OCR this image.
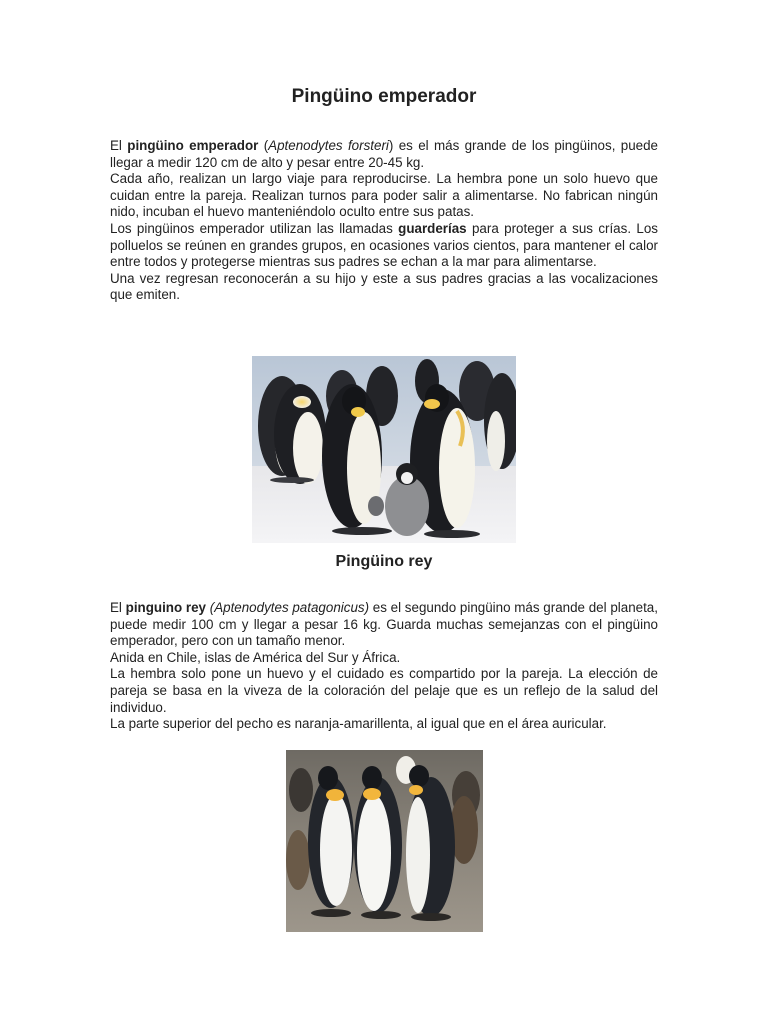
Pingüino emperador

El pingüino emperador (Aptenodytes forsteri) es el más grande de los pingüinos, puede llegar a medir 120 cm de alto y pesar entre 20-45 kg.

Cada año, realizan un largo viaje para reproducirse. La hembra pone un solo huevo que cuidan entre la pareja. Realizan turnos para poder salir a alimentarse. No fabrican ningún nido, incuban el huevo manteniéndolo oculto entre sus patas.

Los pingüinos emperador utilizan las llamadas guarderías para proteger a sus crías. Los polluelos se reúnen en grandes grupos, en ocasiones varios cientos, para mantener el calor entre todos y protegerse mientras sus padres se echan a la mar para alimentarse.

Una vez regresan reconocerán a su hijo y este a sus padres gracias a las vocalizaciones que emiten.

Pingüino rey

El pinguino rey (Aptenodytes patagonicus) es el segundo pingüino más grande del planeta, puede medir 100 cm y llegar a pesar 16 kg. Guarda muchas semejanzas con el pingüino emperador, pero con un tamaño menor.

Anida en Chile, islas de América del Sur y África.

La hembra solo pone un huevo y el cuidado es compartido por la pareja. La elección de pareja se basa en la viveza de la coloración del pelaje que es un reflejo de la salud del individuo.

La parte superior del pecho es naranja-amarillenta, al igual que en el área auricular.
